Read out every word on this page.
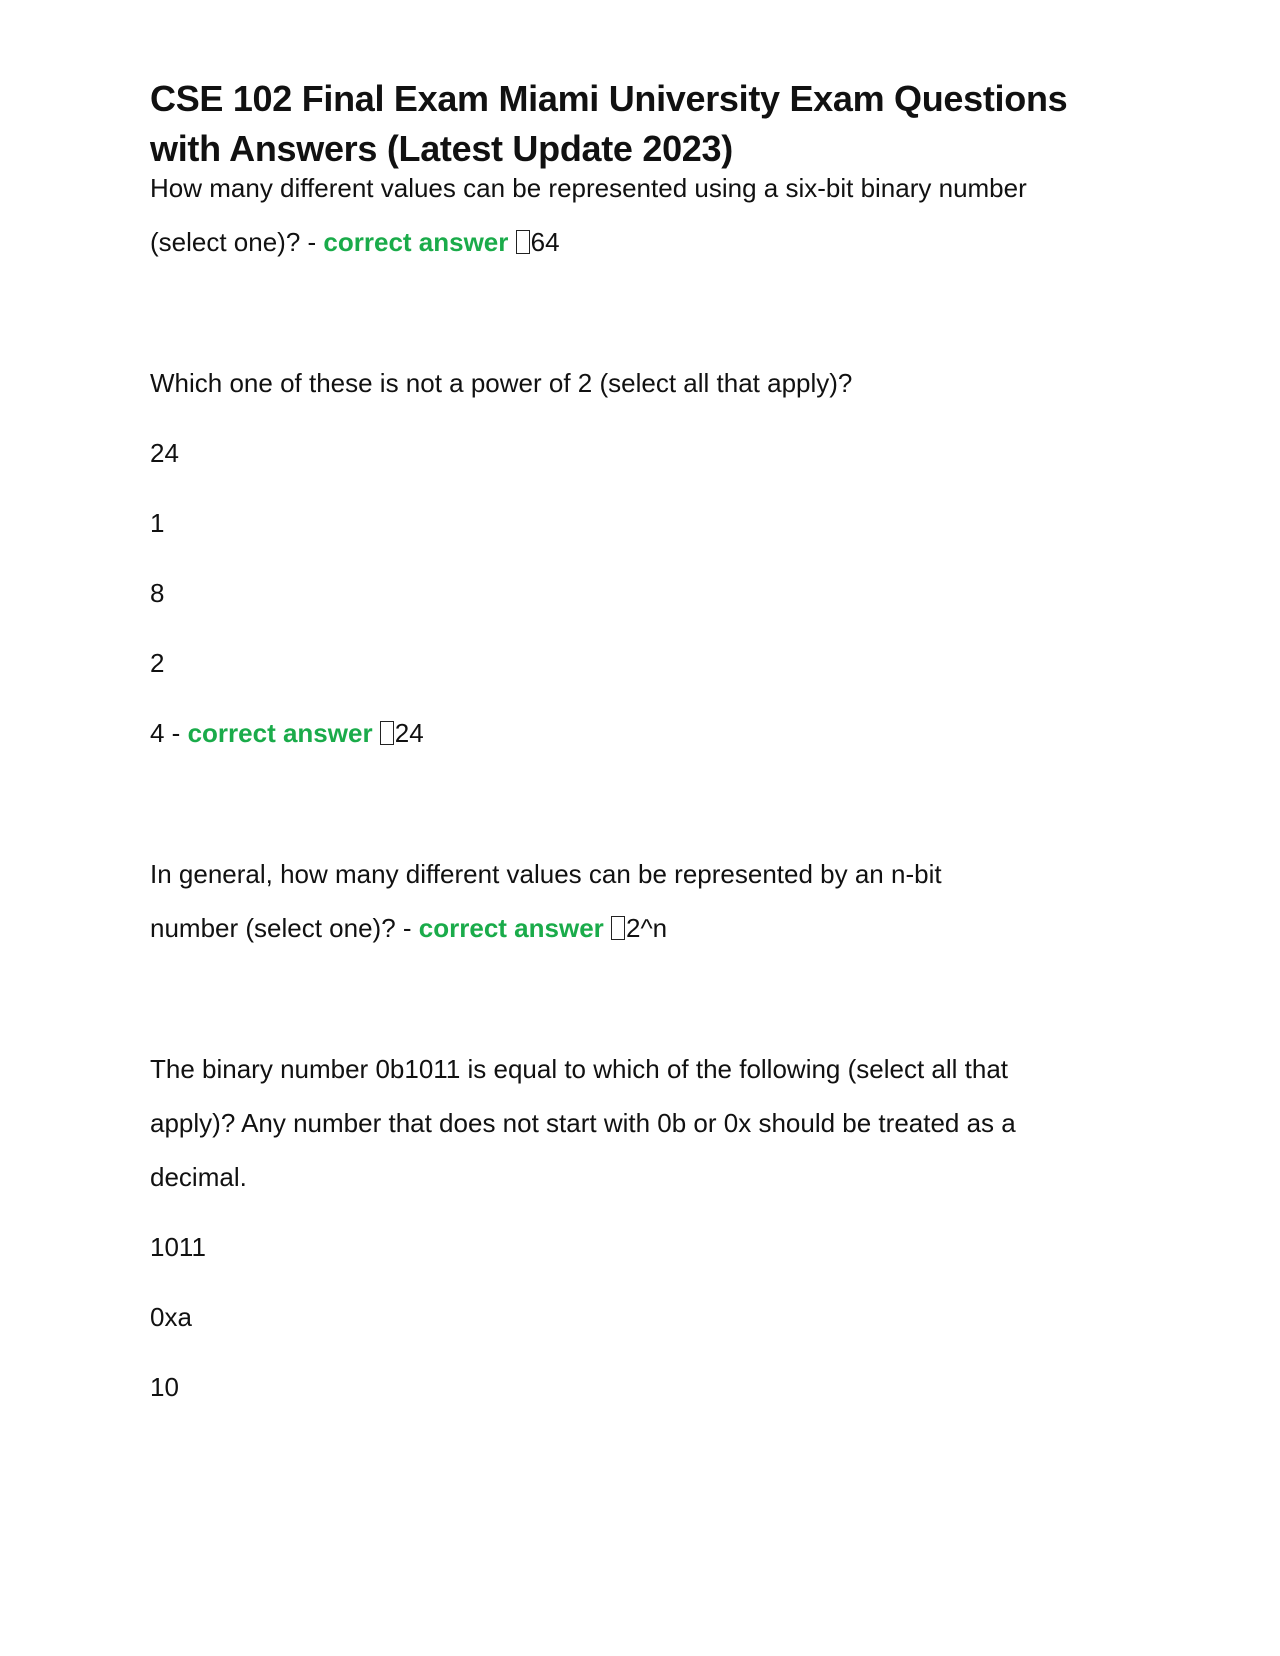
CSE 102 Final Exam Miami University Exam Questions with Answers (Latest Update 2023)

How many different values can be represented using a six-bit binary number

(select one)? - correct answer 64

Which one of these is not a power of 2 (select all that apply)?

24

1

8

2

4 - correct answer 24

In general, how many different values can be represented by an n-bit

number (select one)? - correct answer 2^n

The binary number 0b1011 is equal to which of the following (select all that

apply)? Any number that does not start with 0b or 0x should be treated as a

decimal.

1011

0xa

10
